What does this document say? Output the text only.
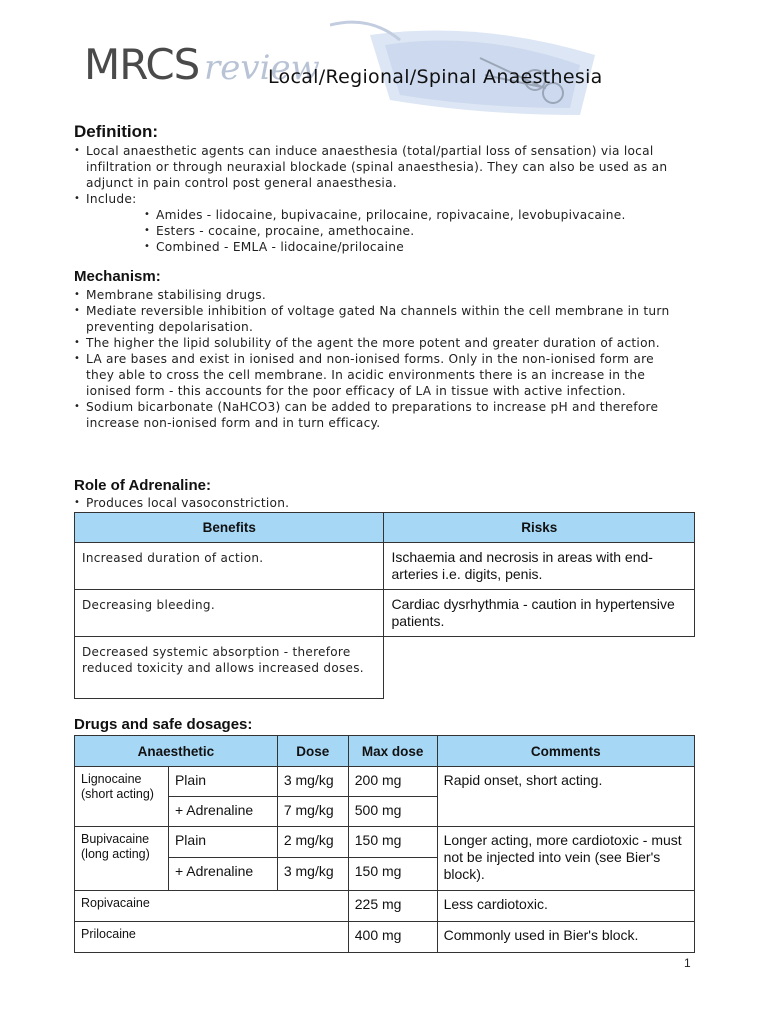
MRCS review
Local/Regional/Spinal Anaesthesia
Definition:
• Local anaesthetic agents can induce anaesthesia (total/partial loss of sensation) via local infiltration or through neuraxial blockade (spinal anaesthesia). They can also be used as an adjunct in pain control post general anaesthesia.
• Include:
• Amides - lidocaine, bupivacaine, prilocaine, ropivacaine, levobupivacaine.
• Esters - cocaine, procaine, amethocaine.
• Combined - EMLA - lidocaine/prilocaine
Mechanism:
• Membrane stabilising drugs.
• Mediate reversible inhibition of voltage gated Na channels within the cell membrane in turn preventing depolarisation.
• The higher the lipid solubility of the agent the more potent and greater duration of action.
• LA are bases and exist in ionised and non-ionised forms. Only in the non-ionised form are they able to cross the cell membrane. In acidic environments there is an increase in the ionised form - this accounts for the poor efficacy of LA in tissue with active infection.
• Sodium bicarbonate (NaHCO3) can be added to preparations to increase pH and therefore increase non-ionised form and in turn efficacy.
Role of Adrenaline:
• Produces local vasoconstriction.
Benefits	Risks
Increased duration of action.	Ischaemia and necrosis in areas with end-arteries i.e. digits, penis.
Decreasing bleeding.	Cardiac dysrhythmia - caution in hypertensive patients.
Decreased systemic absorption - therefore reduced toxicity and allows increased doses.	
Drugs and safe dosages:
Anaesthetic		Dose	Max dose	Comments
Lignocaine (short acting)	Plain	3 mg/kg	200 mg	Rapid onset, short acting.
	+ Adrenaline	7 mg/kg	500 mg	
Bupivacaine (long acting)	Plain	2 mg/kg	150 mg	Longer acting, more cardiotoxic - must not be injected into vein (see Bier's block).
	+ Adrenaline	3 mg/kg	150 mg	
Ropivacaine			225 mg	Less cardiotoxic.
Prilocaine			400 mg	Commonly used in Bier's block.
1
